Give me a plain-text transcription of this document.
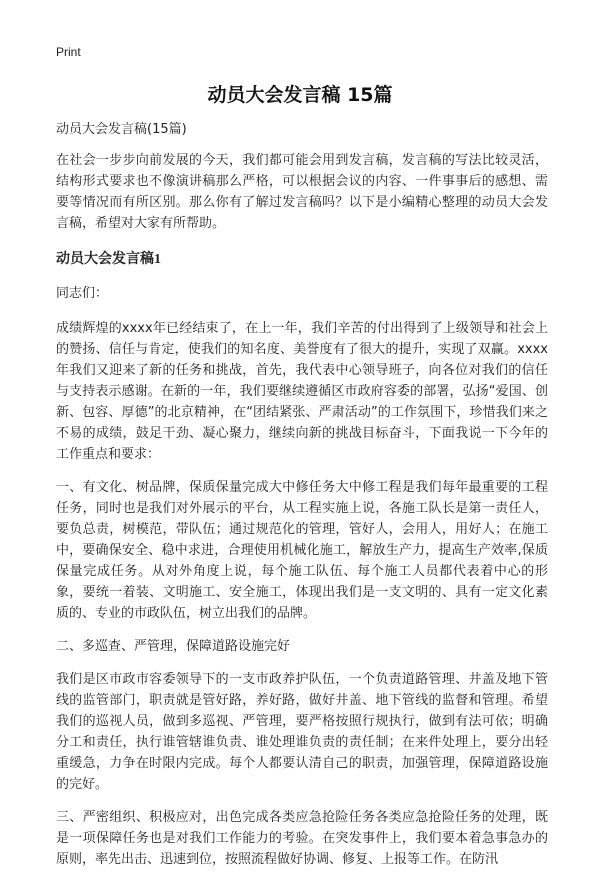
Print
动员大会发言稿 15篇
动员大会发言稿(15篇)

在社会一步步向前发展的今天，我们都可能会用到发言稿，发言稿的写法比较灵活，结构形式要求也不像演讲稿那么严格，可以根据会议的内容、一件事事后的感想、需要等情况而有所区别。那么你有了解过发言稿吗？以下是小编精心整理的动员大会发言稿，希望对大家有所帮助。

动员大会发言稿1
同志们：

成绩辉煌的xxxx年已经结束了，在上一年，我们辛苦的付出得到了上级领导和社会上的赞扬、信任与肯定，使我们的知名度、美誉度有了很大的提升，实现了双赢。xxxx年我们又迎来了新的任务和挑战，首先，我代表中心领导班子，向各位对我们的信任与支持表示感谢。在新的一年，我们要继续遵循区市政府容委的部署，弘扬“爱国、创新、包容、厚德”的北京精神，在“团结紧张、严肃活动”的工作氛围下，珍惜我们来之不易的成绩，鼓足干劲、凝心聚力，继续向新的挑战目标奋斗，下面我说一下今年的工作重点和要求：

一、有文化、树品牌，保质保量完成大中修任务大中修工程是我们每年最重要的工程任务，同时也是我们对外展示的平台，从工程实施上说，各施工队长是第一责任人，要负总责，树模范，带队伍；通过规范化的管理，管好人，会用人，用好人；在施工中，要确保安全、稳中求进，合理使用机械化施工，解放生产力，提高生产效率,保质保量完成任务。从对外角度上说，每个施工队伍、每个施工人员都代表着中心的形象，要统一着装、文明施工、安全施工，体现出我们是一支文明的、具有一定文化素质的、专业的市政队伍，树立出我们的品牌。

二、多巡查、严管理，保障道路设施完好

我们是区市政市容委领导下的一支市政养护队伍，一个负责道路管理、井盖及地下管线的监管部门，职责就是管好路，养好路，做好井盖、地下管线的监督和管理。希望我们的巡视人员，做到多巡视、严管理，要严格按照行规执行，做到有法可依；明确分工和责任，执行谁管辖谁负责、谁处理谁负责的责任制；在来件处理上，要分出轻重缓急，力争在时限内完成。每个人都要认清自己的职责，加强管理，保障道路设施的完好。

三、严密组织、积极应对，出色完成各类应急抢险任务各类应急抢险任务的处理，既是一项保障任务也是对我们工作能力的考验。在突发事件上，我们要本着急事急办的原则，率先出击、迅速到位，按照流程做好协调、修复、上报等工作。在防汛
